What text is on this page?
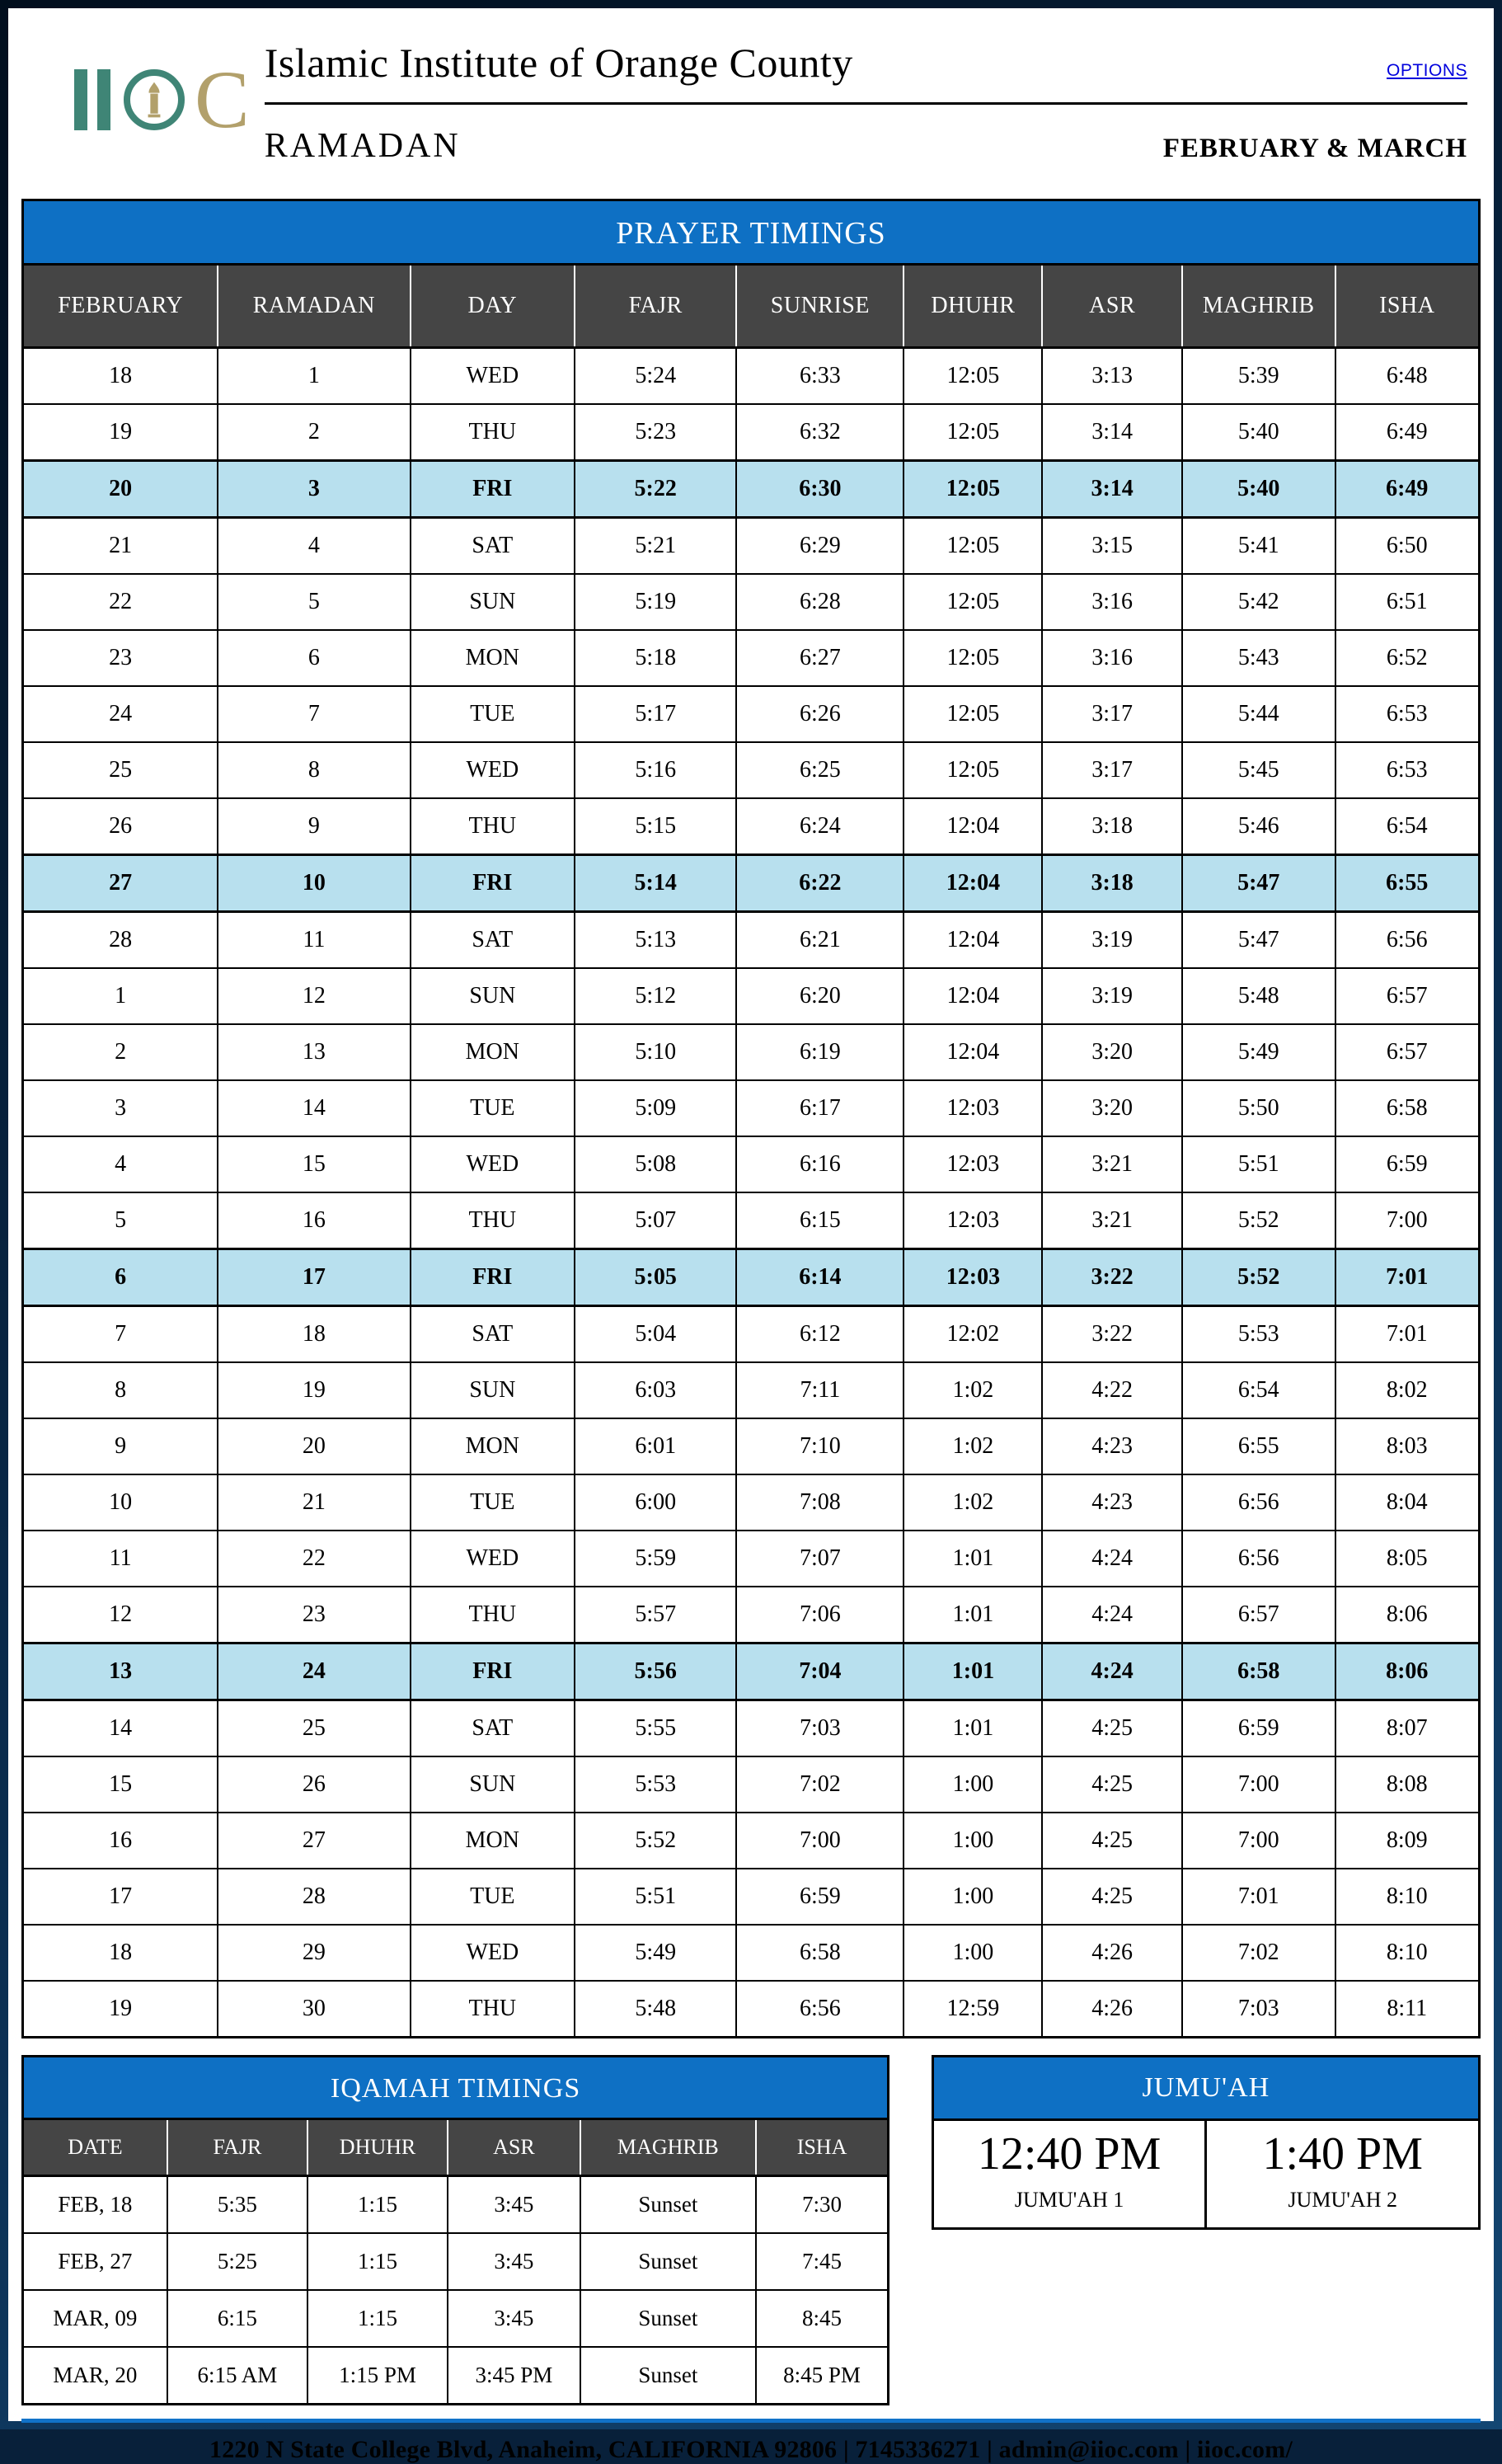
C Islamic Institute of Orange County	OPTIONS
RAMADAN	FEBRUARY & MARCH
PRAYER TIMINGS
FEBRUARY	RAMADAN	DAY	FAJR	SUNRISE	DHUHR	ASR	MAGHRIB	ISHA
18	1	WED	5:24	6:33	12:05	3:13	5:39	6:48
19	2	THU	5:23	6:32	12:05	3:14	5:40	6:49
20	3	FRI	5:22	6:30	12:05	3:14	5:40	6:49
21	4	SAT	5:21	6:29	12:05	3:15	5:41	6:50
22	5	SUN	5:19	6:28	12:05	3:16	5:42	6:51
23	6	MON	5:18	6:27	12:05	3:16	5:43	6:52
24	7	TUE	5:17	6:26	12:05	3:17	5:44	6:53
25	8	WED	5:16	6:25	12:05	3:17	5:45	6:53
26	9	THU	5:15	6:24	12:04	3:18	5:46	6:54
27	10	FRI	5:14	6:22	12:04	3:18	5:47	6:55
28	11	SAT	5:13	6:21	12:04	3:19	5:47	6:56
1	12	SUN	5:12	6:20	12:04	3:19	5:48	6:57
2	13	MON	5:10	6:19	12:04	3:20	5:49	6:57
3	14	TUE	5:09	6:17	12:03	3:20	5:50	6:58
4	15	WED	5:08	6:16	12:03	3:21	5:51	6:59
5	16	THU	5:07	6:15	12:03	3:21	5:52	7:00
6	17	FRI	5:05	6:14	12:03	3:22	5:52	7:01
7	18	SAT	5:04	6:12	12:02	3:22	5:53	7:01
8	19	SUN	6:03	7:11	1:02	4:22	6:54	8:02
9	20	MON	6:01	7:10	1:02	4:23	6:55	8:03
10	21	TUE	6:00	7:08	1:02	4:23	6:56	8:04
11	22	WED	5:59	7:07	1:01	4:24	6:56	8:05
12	23	THU	5:57	7:06	1:01	4:24	6:57	8:06
13	24	FRI	5:56	7:04	1:01	4:24	6:58	8:06
14	25	SAT	5:55	7:03	1:01	4:25	6:59	8:07
15	26	SUN	5:53	7:02	1:00	4:25	7:00	8:08
16	27	MON	5:52	7:00	1:00	4:25	7:00	8:09
17	28	TUE	5:51	6:59	1:00	4:25	7:01	8:10
18	29	WED	5:49	6:58	1:00	4:26	7:02	8:10
19	30	THU	5:48	6:56	12:59	4:26	7:03	8:11
IQAMAH TIMINGS
DATE	FAJR	DHUHR	ASR	MAGHRIB	ISHA
FEB, 18	5:35	1:15	3:45	Sunset	7:30
FEB, 27	5:25	1:15	3:45	Sunset	7:45
MAR, 09	6:15	1:15	3:45	Sunset	8:45
MAR, 20	6:15 AM	1:15 PM	3:45 PM	Sunset	8:45 PM
JUMU'AH
12:40 PM
JUMU'AH 1
1:40 PM
JUMU'AH 2
1220 N State College Blvd, Anaheim, CALIFORNIA 92806 | 7145336271 | admin@iioc.com | iioc.com/
